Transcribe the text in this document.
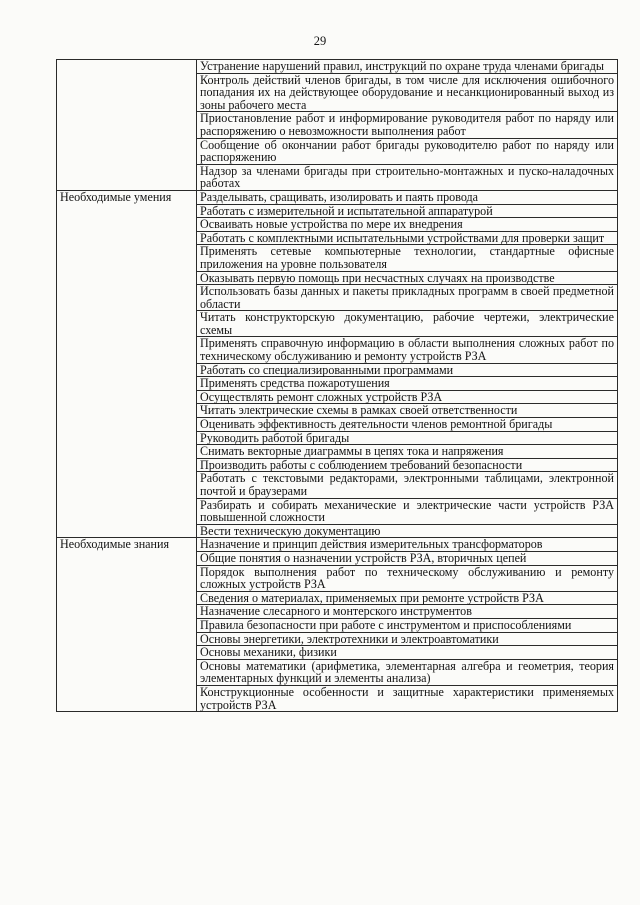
29
	Устранение нарушений правил, инструкций по охране труда членами бригады
	Контроль действий членов бригады, в том числе для исключения ошибочного попадания их на действующее оборудование и несанкционированный выход из зоны рабочего места
	Приостановление работ и информирование руководителя работ по наряду или распоряжению о невозможности выполнения работ
	Сообщение об окончании работ бригады руководителю работ по наряду или распоряжению
	Надзор за членами бригады при строительно-монтажных и пуско-наладочных работах
Необходимые умения	Разделывать, сращивать, изолировать и паять провода
	Работать с измерительной и испытательной аппаратурой
	Осваивать новые устройства по мере их внедрения
	Работать с комплектными испытательными устройствами для проверки защит
	Применять сетевые компьютерные технологии, стандартные офисные приложения на уровне пользователя
	Оказывать первую помощь при несчастных случаях на производстве
	Использовать базы данных и пакеты прикладных программ в своей предметной области
	Читать конструкторскую документацию, рабочие чертежи, электрические схемы
	Применять справочную информацию в области выполнения сложных работ по техническому обслуживанию и ремонту устройств РЗА
	Работать со специализированными программами
	Применять средства пожаротушения
	Осуществлять ремонт сложных устройств РЗА
	Читать электрические схемы в рамках своей ответственности
	Оценивать эффективность деятельности членов ремонтной бригады
	Руководить работой бригады
	Снимать векторные диаграммы в цепях тока и напряжения
	Производить работы с соблюдением требований безопасности
	Работать с текстовыми редакторами, электронными таблицами, электронной почтой и браузерами
	Разбирать и собирать механические и электрические части устройств РЗА повышенной сложности
	Вести техническую документацию
Необходимые знания	Назначение и принцип действия измерительных трансформаторов
	Общие понятия о назначении устройств РЗА, вторичных цепей
	Порядок выполнения работ по техническому обслуживанию и ремонту сложных устройств РЗА
	Сведения о материалах, применяемых при ремонте устройств РЗА
	Назначение слесарного и монтерского инструментов
	Правила безопасности при работе с инструментом и приспособлениями
	Основы энергетики, электротехники и электроавтоматики
	Основы механики, физики
	Основы математики (арифметика, элементарная алгебра и геометрия, теория элементарных функций и элементы анализа)
	Конструкционные особенности и защитные характеристики применяемых устройств РЗА
